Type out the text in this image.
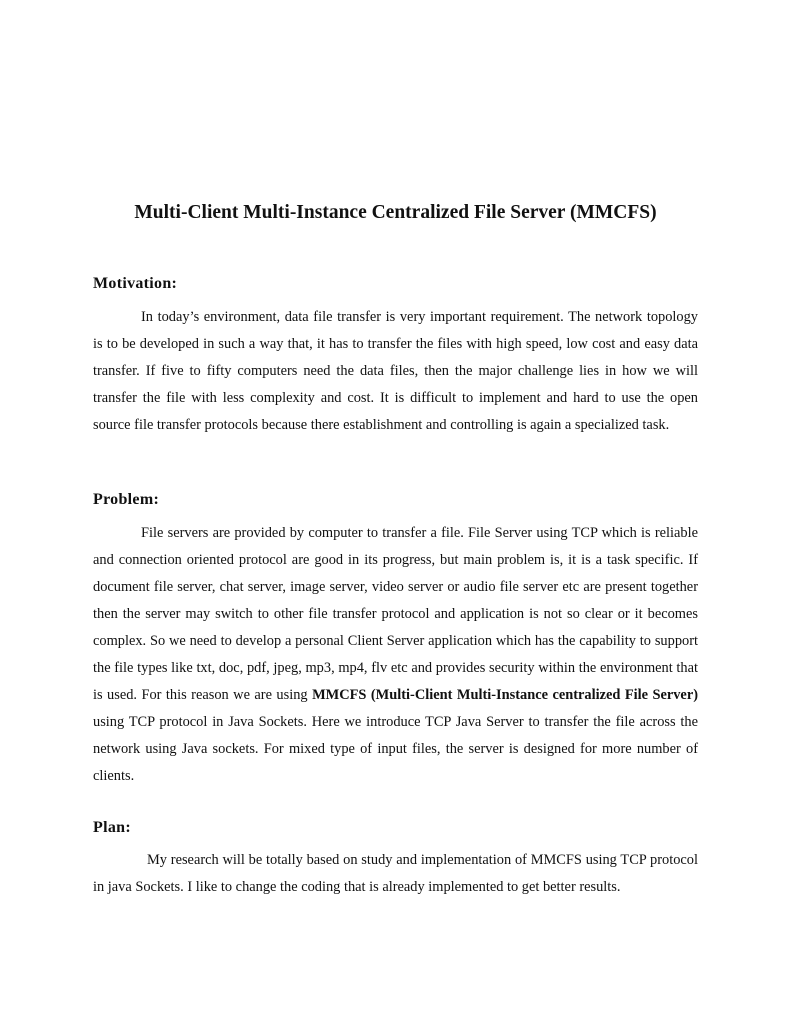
Multi-Client Multi-Instance Centralized File Server (MMCFS)
Motivation:

In today’s environment, data file transfer is very important requirement. The network topology is to be developed in such a way that, it has to transfer the files with high speed, low cost and easy data transfer. If five to fifty computers need the data files, then the major challenge lies in how we will transfer the file with less complexity and cost. It is difficult to implement and hard to use the open source file transfer protocols because there establishment and controlling is again a specialized task.

Problem:

File servers are provided by computer to transfer a file. File Server using TCP which is reliable and connection oriented protocol are good in its progress, but main problem is, it is a task specific. If document file server, chat server, image server, video server or audio file server etc are present together then the server may switch to other file transfer protocol and application is not so clear or it becomes complex. So we need to develop a personal Client Server application which has the capability to support the file types like txt, doc, pdf, jpeg, mp3, mp4, flv etc and provides security within the environment that is used. For this reason we are using MMCFS (Multi-Client Multi-Instance centralized File Server) using TCP protocol in Java Sockets. Here we introduce TCP Java Server to transfer the file across the network using Java sockets. For mixed type of input files, the server is designed for more number of clients.

Plan:

My research will be totally based on study and implementation of MMCFS using TCP protocol in java Sockets. I like to change the coding that is already implemented to get better results.
